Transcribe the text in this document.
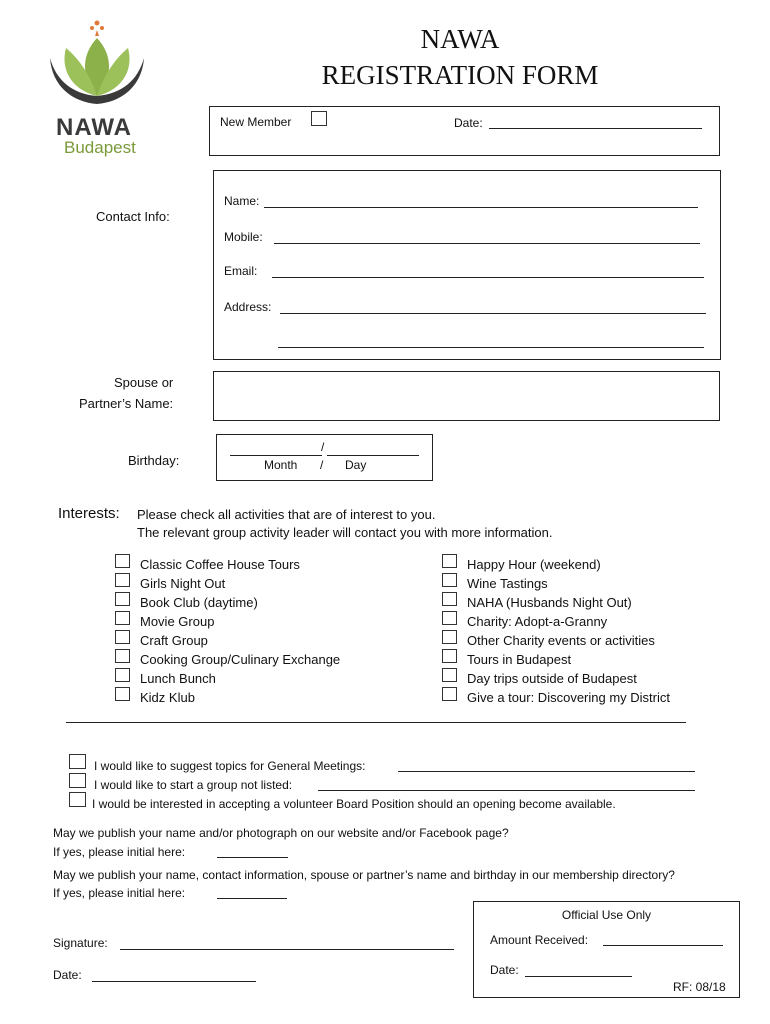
NAWA
Budapest
NAWA
REGISTRATION FORM
New Member	Date:
Contact Info:
Name:
Mobile:
Email:
Address:
Spouse or
Partner’s Name:
Birthday:
/
Month / Day
Interests: Please check all activities that are of interest to you.
The relevant group activity leader will contact you with more information.
Classic Coffee House Tours
Girls Night Out
Book Club (daytime)
Movie Group
Craft Group
Cooking Group/Culinary Exchange
Lunch Bunch
Kidz Klub
Happy Hour (weekend)
Wine Tastings
NAHA (Husbands Night Out)
Charity: Adopt-a-Granny
Other Charity events or activities
Tours in Budapest
Day trips outside of Budapest
Give a tour: Discovering my District
I would like to suggest topics for General Meetings:
I would like to start a group not listed:
I would be interested in accepting a volunteer Board Position should an opening become available.
May we publish your name and/or photograph on our website and/or Facebook page?
If yes, please initial here:
May we publish your name, contact information, spouse or partner’s name and birthday in our membership directory?
If yes, please initial here:
Signature:
Date:
Official Use Only
Amount Received:
Date:
RF: 08/18
